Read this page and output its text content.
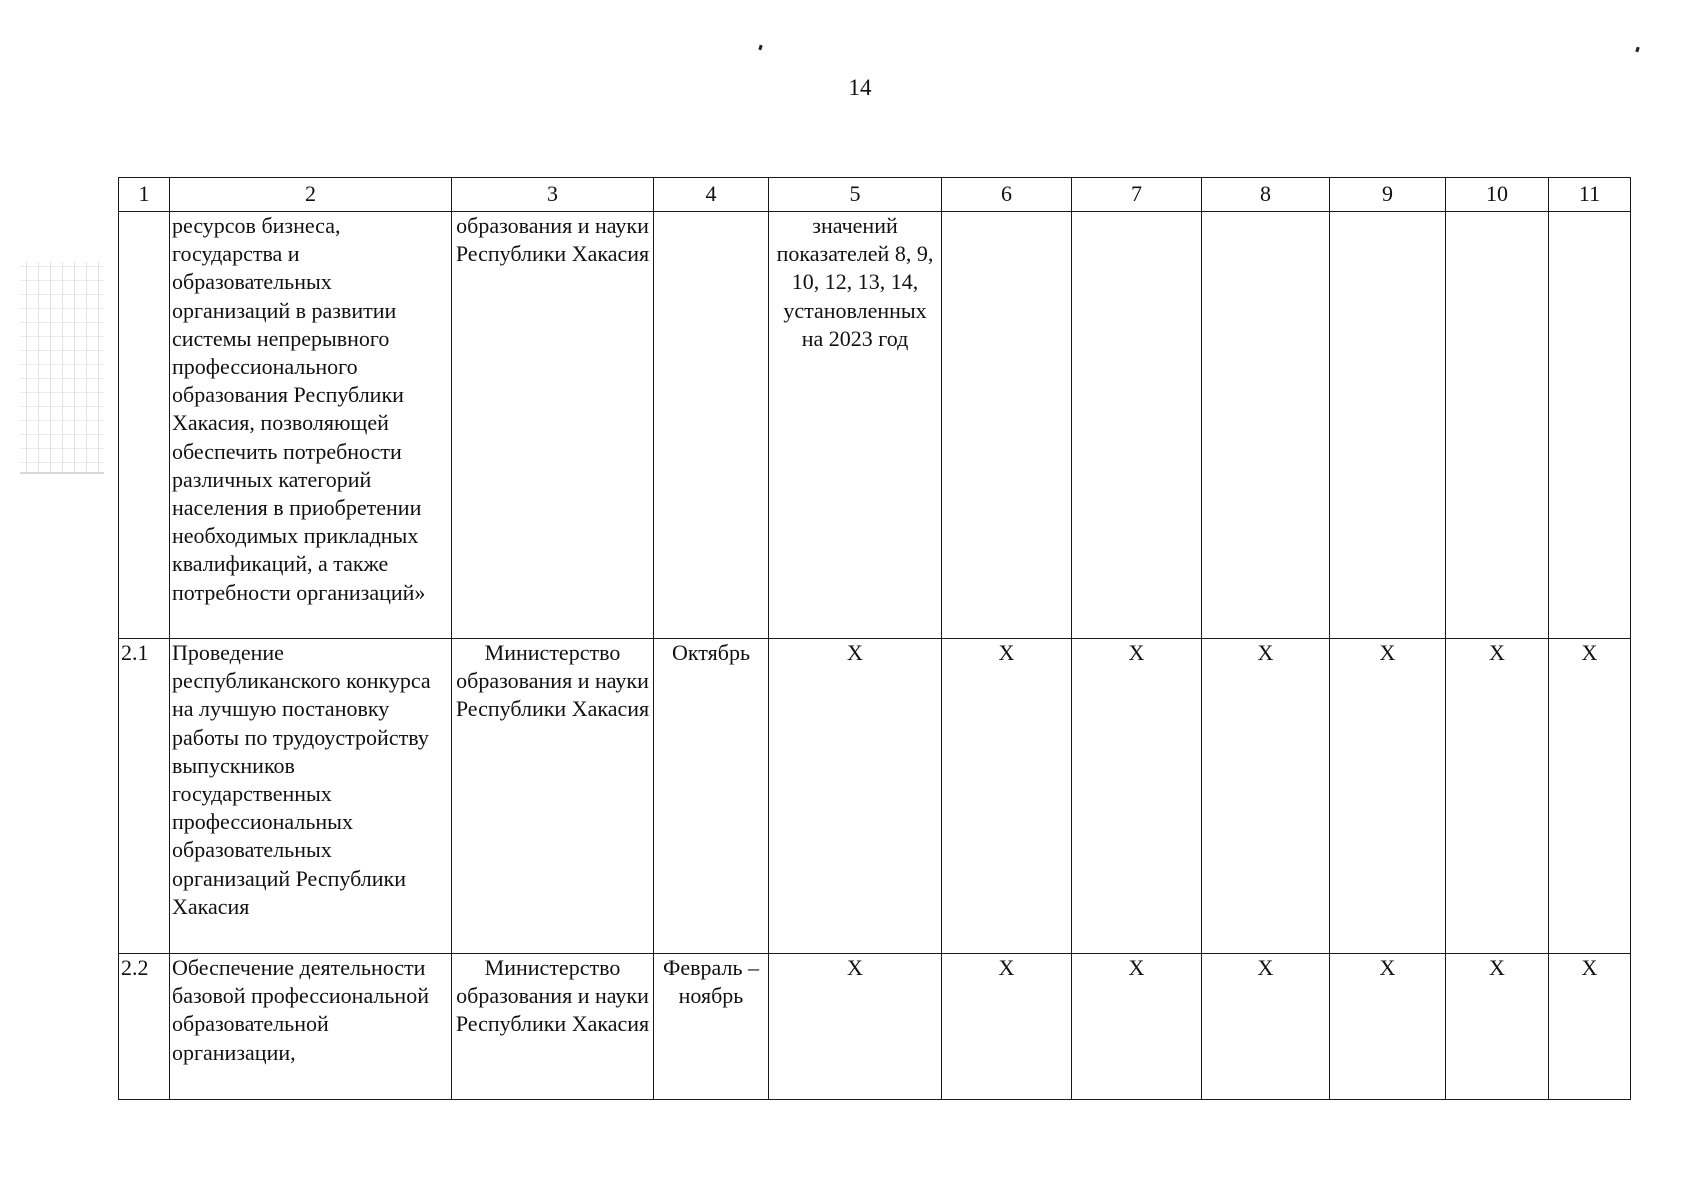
14
1	2	3	4	5	6	7	8	9	10	11
	ресурсов бизнеса, государства и образовательных организаций в развитии системы непрерывного профессионального образования Республики Хакасия, позволяющей обеспечить потребности различных категорий населения в приобретении необходимых прикладных квалификаций, а также потребности организаций»	образования и науки Республики Хакасия		значений показателей 8, 9, 10, 12, 13, 14, установленных на 2023 год						
2.1	Проведение республиканского конкурса на лучшую постановку работы по трудоустройству выпускников государственных профессиональных образовательных организаций Республики Хакасия	Министерство образования и науки Республики Хакасия	Октябрь	Х	Х	Х	Х	Х	Х	Х
2.2	Обеспечение деятельности базовой профессиональной образовательной организации,	Министерство образования и науки Республики Хакасия	Февраль – ноябрь	Х	Х	Х	Х	Х	Х	Х
